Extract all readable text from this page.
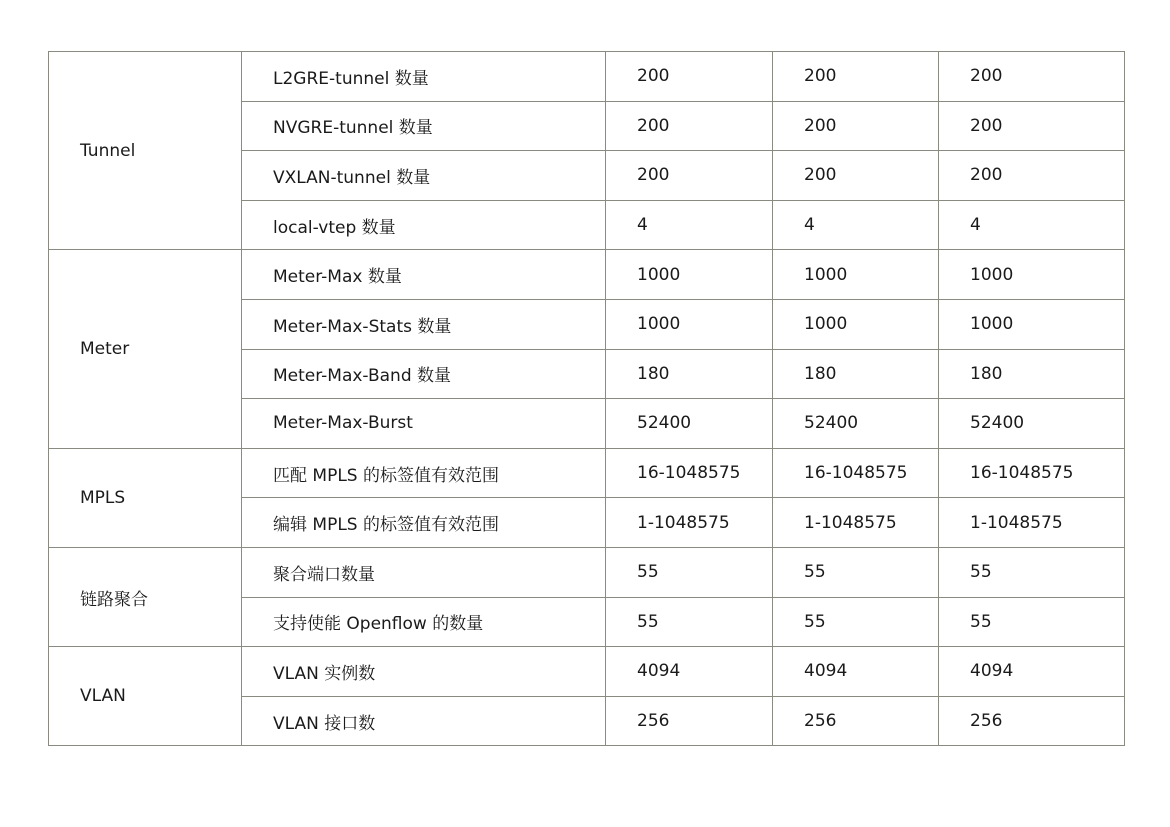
Tunnel	L2GRE-tunnel 数量	200	200	200
	NVGRE-tunnel 数量	200	200	200
	VXLAN-tunnel 数量	200	200	200
	local-vtep 数量	4	4	4
Meter	Meter-Max 数量	1000	1000	1000
	Meter-Max-Stats 数量	1000	1000	1000
	Meter-Max-Band 数量	180	180	180
	Meter-Max-Burst	52400	52400	52400
MPLS	匹配 MPLS 的标签值有效范围	16-1048575	16-1048575	16-1048575
	编辑 MPLS 的标签值有效范围	1-1048575	1-1048575	1-1048575
链路聚合	聚合端口数量	55	55	55
	支持使能 Openflow 的数量	55	55	55
VLAN	VLAN 实例数	4094	4094	4094
	VLAN 接口数	256	256	256
